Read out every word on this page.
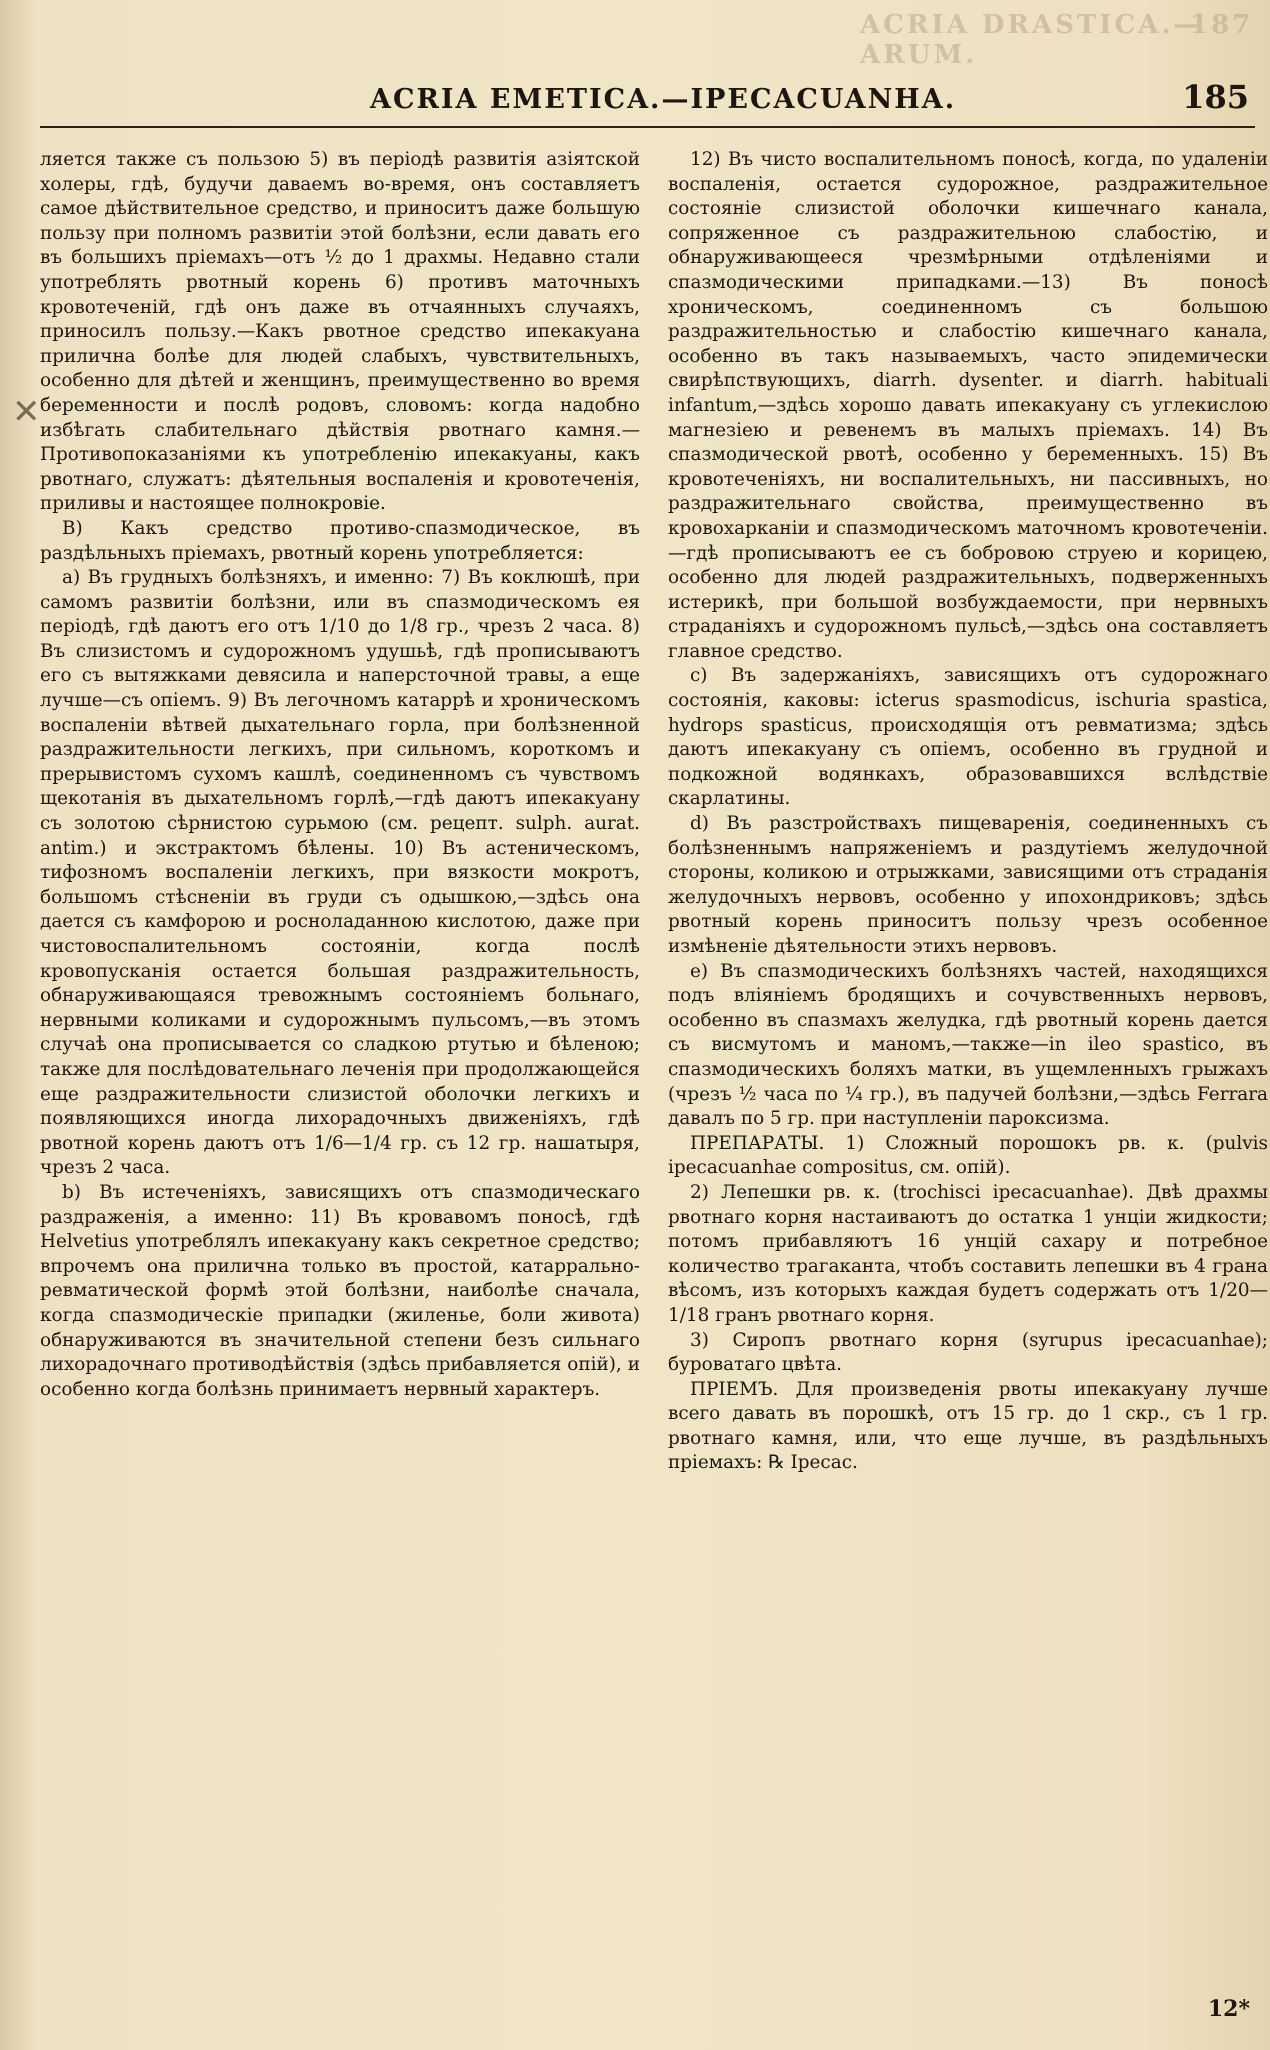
ACRIA DRASTICA.—ARUM.
187
ACRIA EMETICA.—IPECACUANHA.	185
✕

ляется также съ пользою 5) въ періодѣ развитія азіятской холеры, гдѣ, будучи даваемъ во-время, онъ составляетъ самое дѣйствительное средство, и приноситъ даже большую пользу при полномъ развитіи этой болѣзни, если давать его въ большихъ пріемахъ—отъ ½ до 1 драхмы. Недавно стали употреблять рвотный корень 6) противъ маточныхъ кровотеченій, гдѣ онъ даже въ отчаянныхъ случаяхъ, приносилъ пользу.—Какъ рвотное средство ипекакуана прилична болѣе для людей слабыхъ, чувствительныхъ, особенно для дѣтей и женщинъ, преимущественно во время беременности и послѣ родовъ, словомъ: когда надобно избѣгать слабительнаго дѣйствія рвотнаго камня.—Противопоказаніями къ употребленію ипекакуаны, какъ рвотнаго, служатъ: дѣятельныя воспаленія и кровотеченія, приливы и настоящее полнокровіе.

B) Какъ средство противо-спазмодическое, въ раздѣльныхъ пріемахъ, рвотный корень употребляется:

a) Въ грудныхъ болѣзняхъ, и именно: 7) Въ коклюшѣ, при самомъ развитіи болѣзни, или въ спазмодическомъ ея періодѣ, гдѣ даютъ его отъ 1/10 до 1/8 гр., чрезъ 2 часа. 8) Въ слизистомъ и судорожномъ удушьѣ, гдѣ прописываютъ его съ вытяжками девясила и наперсточной травы, а еще лучше—съ опіемъ. 9) Въ легочномъ катаррѣ и хроническомъ воспаленіи вѣтвей дыхательнаго горла, при болѣзненной раздражительности легкихъ, при сильномъ, короткомъ и прерывистомъ сухомъ кашлѣ, соединенномъ съ чувствомъ щекотанія въ дыхательномъ горлѣ,—гдѣ даютъ ипекакуану съ золотою сѣрнистою сурьмою (см. рецепт. sulph. aurat. antim.) и экстрактомъ бѣлены. 10) Въ астеническомъ, тифозномъ воспаленіи легкихъ, при вязкости мокротъ, большомъ стѣсненіи въ груди съ одышкою,—здѣсь она дается съ камфорою и росноладанною кислотою, даже при чистовоспалительномъ состояніи, когда послѣ кровопусканія остается большая раздражительность, обнаруживающаяся тревожнымъ состояніемъ больнаго, нервными коликами и судорожнымъ пульсомъ,—въ этомъ случаѣ она прописывается со сладкою ртутью и бѣленою; также для послѣдовательнаго леченія при продолжающейся еще раздражительности слизистой оболочки легкихъ и появляющихся иногда лихорадочныхъ движеніяхъ, гдѣ рвотной корень даютъ отъ 1/6—1/4 гр. съ 12 гр. нашатыря, чрезъ 2 часа.

b) Въ истеченіяхъ, зависящихъ отъ спазмодическаго раздраженія, а именно: 11) Въ кровавомъ поносѣ, гдѣ Helvetius употреблялъ ипекакуану какъ секретное средство; впрочемъ она прилична только въ простой, катаррально-ревматической формѣ этой болѣзни, наиболѣе сначала, когда спазмодическіе припадки (жиленье, боли живота) обнаруживаются въ значительной степени безъ сильнаго лихорадочнаго противодѣйствія (здѣсь прибавляется опій), и особенно когда болѣзнь принимаетъ нервный характеръ.

12) Въ чисто воспалительномъ поносѣ, когда, по удаленіи воспаленія, остается судорожное, раздражительное состояніе слизистой оболочки кишечнаго канала, сопряженное съ раздражительною слабостію, и обнаруживающееся чрезмѣрными отдѣленіями и спазмодическими припадками.—13) Въ поносѣ хроническомъ, соединенномъ съ большою раздражительностью и слабостію кишечнаго канала, особенно въ такъ называемыхъ, часто эпидемически свирѣпствующихъ, diarrh. dysenter. и diarrh. habituali infantum,—здѣсь хорошо давать ипекакуану съ углекислою магнезіею и ревенемъ въ малыхъ пріемахъ. 14) Въ спазмодической рвотѣ, особенно у беременныхъ. 15) Въ кровотеченіяхъ, ни воспалительныхъ, ни пассивныхъ, но раздражительнаго свойства, преимущественно въ кровохарканіи и спазмодическомъ маточномъ кровотеченіи.—гдѣ прописываютъ ее съ бобровою струею и корицею, особенно для людей раздражительныхъ, подверженныхъ истерикѣ, при большой возбуждаемости, при нервныхъ страданіяхъ и судорожномъ пульсѣ,—здѣсь она составляетъ главное средство.

c) Въ задержаніяхъ, зависящихъ отъ судорожнаго состоянія, каковы: icterus spasmodicus, ischuria spastica, hydrops spasticus, происходящія отъ ревматизма; здѣсь даютъ ипекакуану съ опіемъ, особенно въ грудной и подкожной водянкахъ, образовавшихся вслѣдствіе скарлатины.

d) Въ разстройствахъ пищеваренія, соединенныхъ съ болѣзненнымъ напряженіемъ и раздутіемъ желудочной стороны, коликою и отрыжками, зависящими отъ страданія желудочныхъ нервовъ, особенно у ипохондриковъ; здѣсь рвотный корень приноситъ пользу чрезъ особенное измѣненіе дѣятельности этихъ нервовъ.

e) Въ спазмодическихъ болѣзняхъ частей, находящихся подъ вліяніемъ бродящихъ и сочувственныхъ нервовъ, особенно въ спазмахъ желудка, гдѣ рвотный корень дается съ висмутомъ и маномъ,—также—in ileo spastico, въ спазмодическихъ боляхъ матки, въ ущемленныхъ грыжахъ (чрезъ ½ часа по ¼ гр.), въ падучей болѣзни,—здѣсь Ferrara давалъ по 5 гр. при наступленіи пароксизма.

ПРЕПАРАТЫ. 1) Сложный порошокъ рв. к. (pulvis ipecacuanhae compositus, см. опій).

2) Лепешки рв. к. (trochisci ipecacuanhae). Двѣ драхмы рвотнаго корня настаиваютъ до остатка 1 унціи жидкости; потомъ прибавляютъ 16 унцій сахару и потребное количество трагаканта, чтобъ составить лепешки въ 4 грана вѣсомъ, изъ которыхъ каждая будетъ содержать отъ 1/20—1/18 гранъ рвотнаго корня.

3) Сиропъ рвотнаго корня (syrupus ipecacuanhae); буроватаго цвѣта.

ПРІЕМЪ. Для произведенія рвоты ипекакуану лучше всего давать въ порошкѣ, отъ 15 гр. до 1 скр., съ 1 гр. рвотнаго камня, или, что еще лучше, въ раздѣльныхъ пріемахъ: ℞ Ipecac.

12*
